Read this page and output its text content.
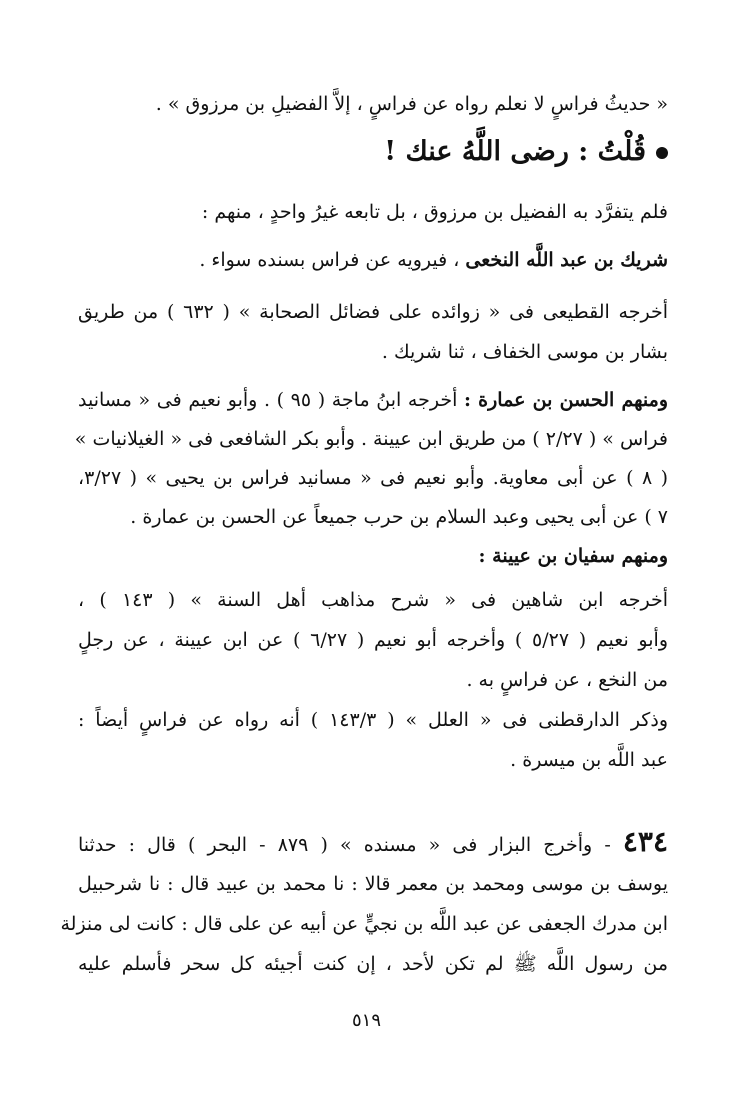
« حديثُ فراسٍ لا نعلم رواه عن فراسٍ ، إلاَّ الفضيلِ بن مرزوق » .
قُلْتُ : رضى اللَّهُ عنك !
فلم يتفرَّد به الفضيل بن مرزوق ، بل تابعه غيرُ واحدٍ ، منهم :
شريك بن عبد اللَّه النخعى ، فيرويه عن فراس بسنده سواء .
أخرجه القطيعى فى « زوائده على فضائل الصحابة » ( ٦٣٢ ) من طريق
بشار بن موسى الخفاف ، ثنا شريك .
ومنهم الحسن بن عمارة : أخرجه ابنُ ماجة ( ٩٥ ) . وأبو نعيم فى « مسانيد
فراس » ( ٢/٢٧ ) من طريق ابن عيينة . وأبو بكر الشافعى فى « الغيلانيات »
( ٨ ) عن أبى معاوية. وأبو نعيم فى « مسانيد فراس بن يحيى » ( ٣/٢٧،
٧ ) عن أبى يحيى وعبد السلام بن حرب جميعاً عن الحسن بن عمارة .
ومنهم سفيان بن عيينة :
أخرجه ابن شاهين فى « شرح مذاهب أهل السنة » ( ١٤٣ ) ،
وأبو نعيم ( ٥/٢٧ ) وأخرجه أبو نعيم ( ٦/٢٧ ) عن ابن عيينة ، عن رجلٍ
من النخع ، عن فراسٍ به .
وذكر الدارقطنى فى « العلل » ( ١٤٣/٣ ) أنه رواه عن فراسٍ أيضاً :
عبد اللَّه بن ميسرة .
٤٣٤ - وأخرج البزار فى « مسنده » ( ٨٧٩ - البحر ) قال : حدثنا
يوسف بن موسى ومحمد بن معمر قالا : نا محمد بن عبيد قال : نا شرحبيل
ابن مدرك الجعفى عن عبد اللَّه بن نجيٍّ عن أبيه عن على قال : كانت لى منزلة
من رسول اللَّه ﷺ لم تكن لأحد ، إن كنت أجيئه كل سحر فأسلم عليه
٥١٩
